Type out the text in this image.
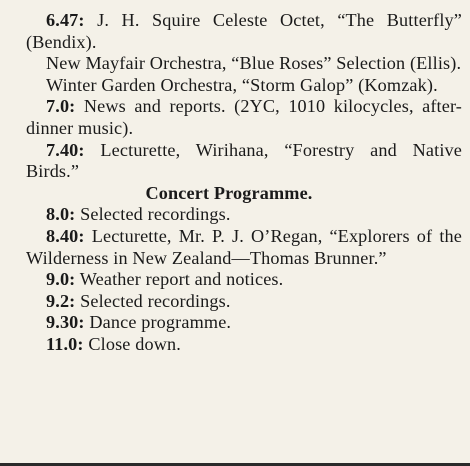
6.47: J. H. Squire Celeste Octet, “The Butterfly” (Bendix).

New Mayfair Orchestra, “Blue Roses” Selection (Ellis).

Winter Garden Orchestra, “Storm Galop” (Komzak).

7.0: News and reports. (2YC, 1010 kilocycles, after-dinner music).

7.40: Lecturette, Wirihana, “Forestry and Native Birds.”

Concert Programme.

8.0: Selected recordings.

8.40: Lecturette, Mr. P. J. O’Regan, “Explorers of the Wilderness in New Zealand—Thomas Brunner.”

9.0: Weather report and notices.

9.2: Selected recordings.

9.30: Dance programme.

11.0: Close down.
